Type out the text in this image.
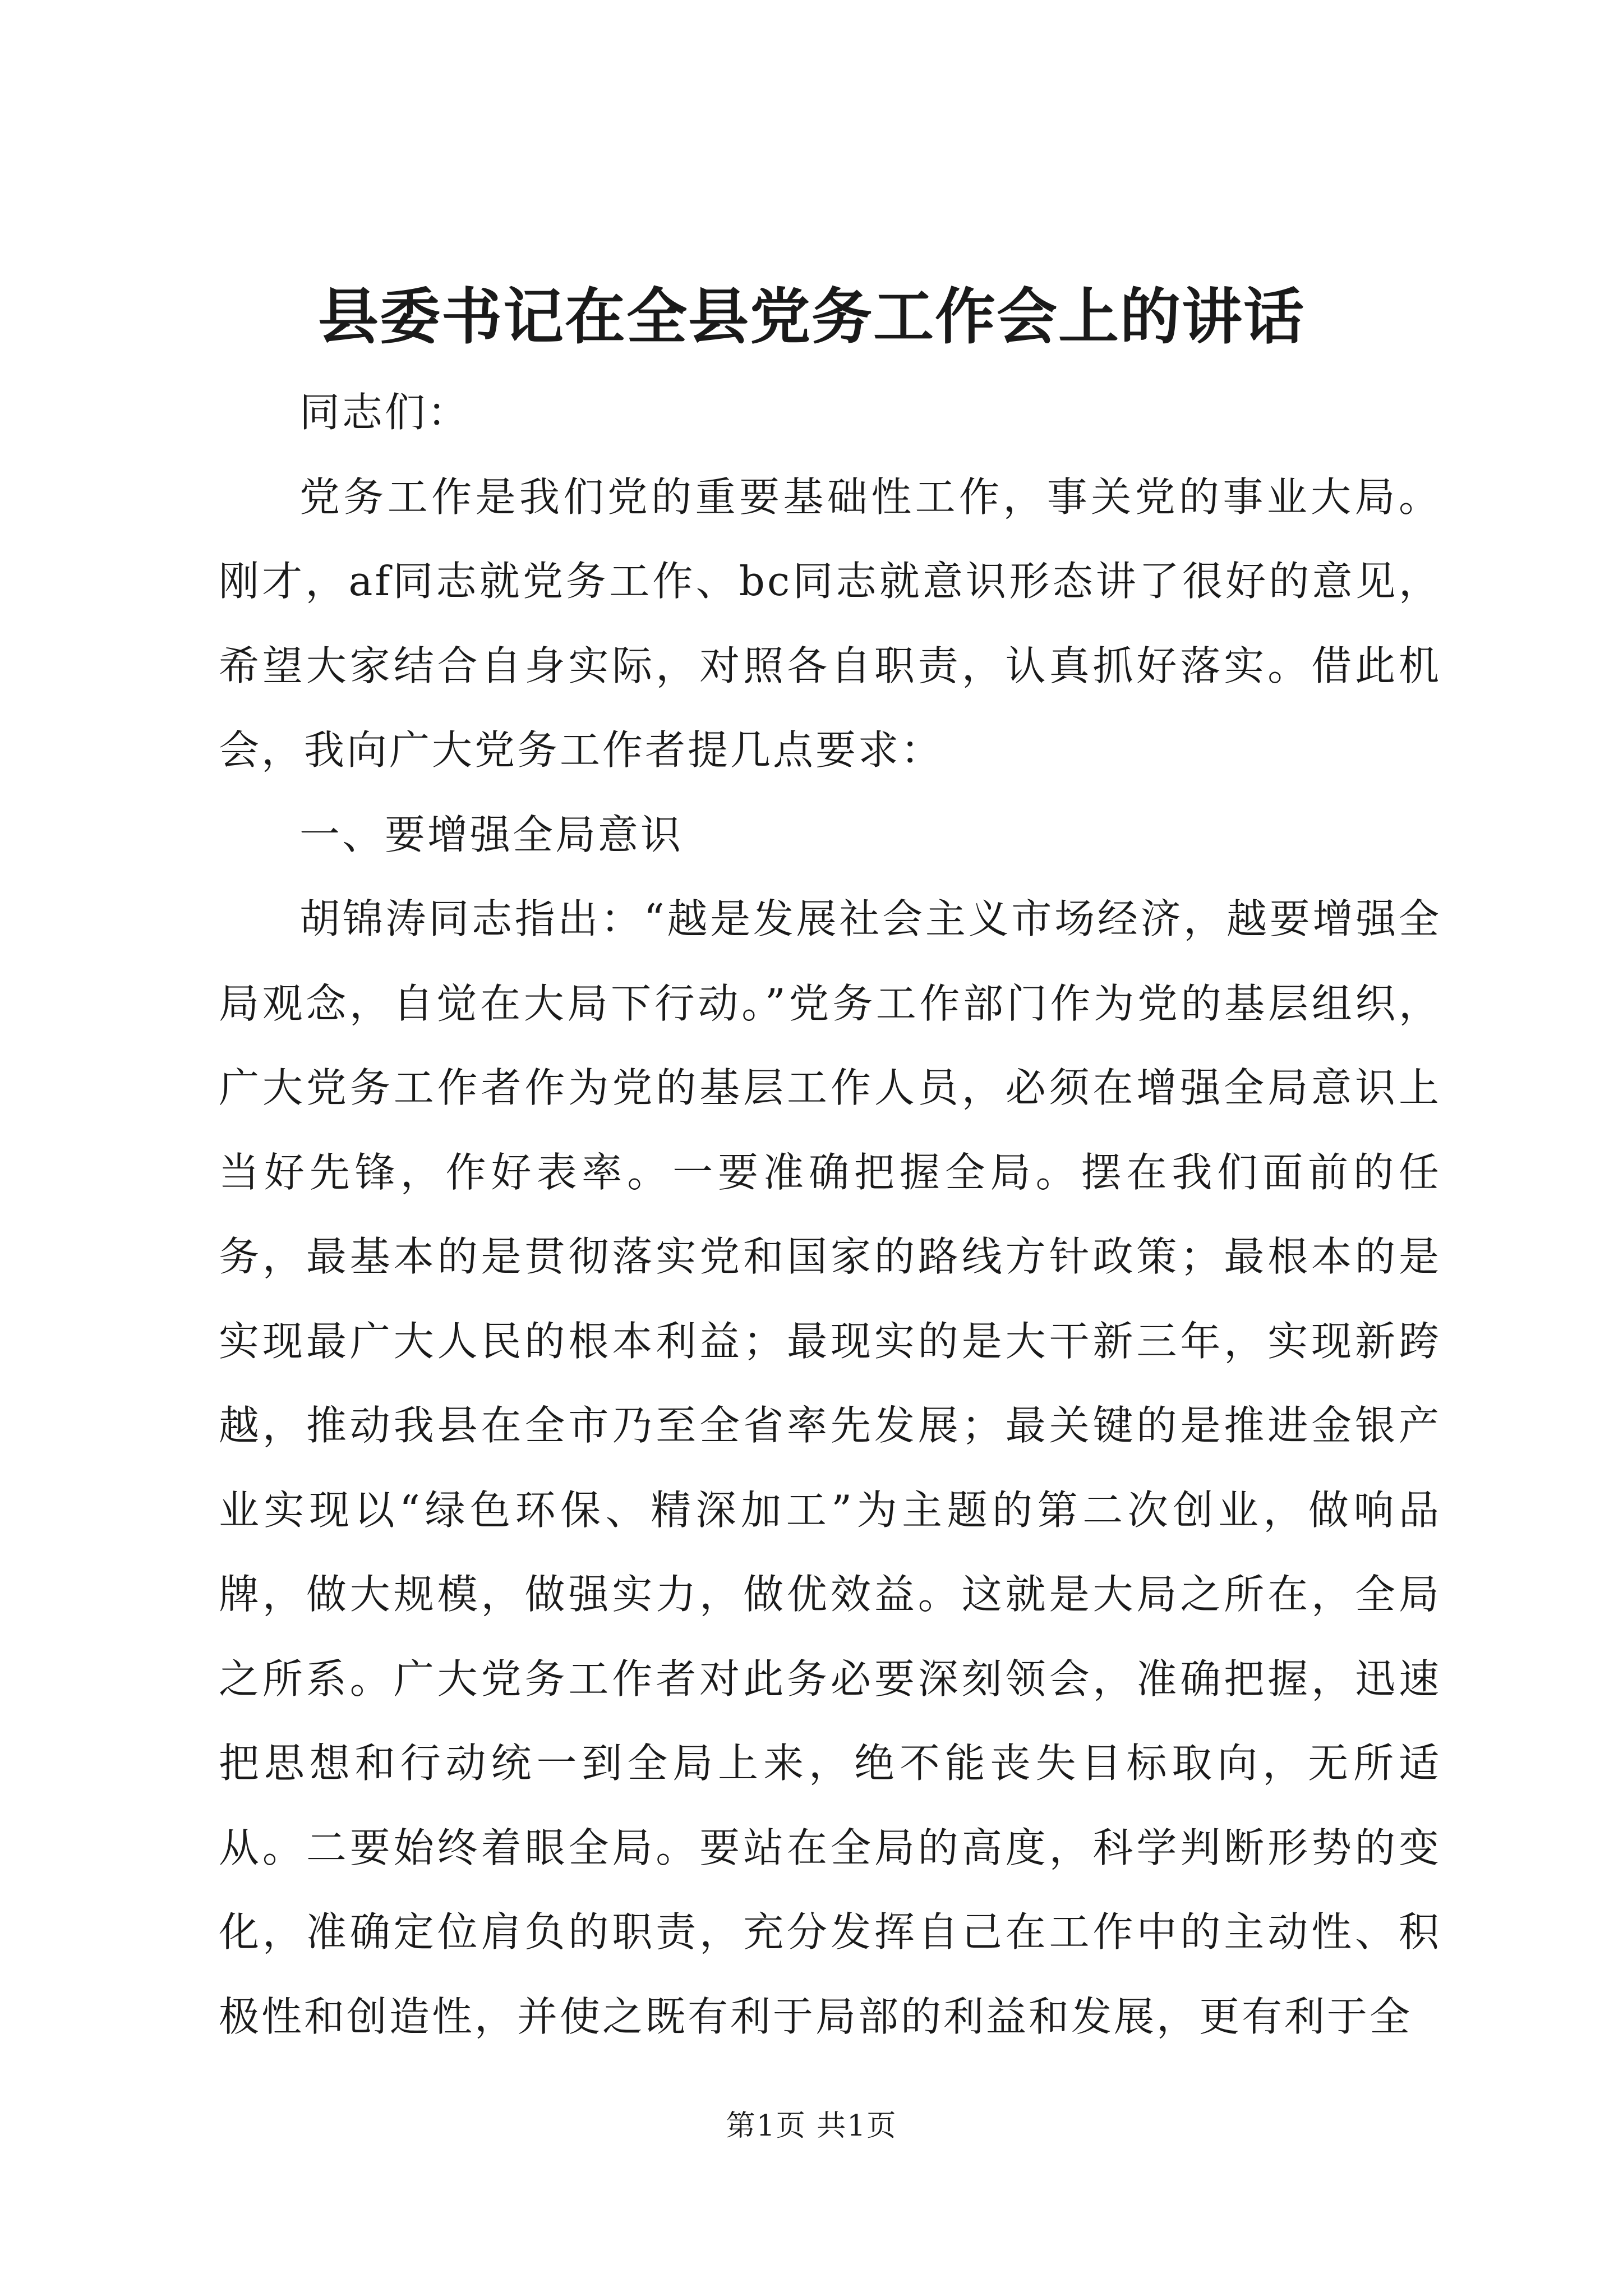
县委书记在全县党务工作会上的讲话

同志们：

党务工作是我们党的重要基础性工作，事关党的事业大局。刚才，af同志就党务工作、bc同志就意识形态讲了很好的意见，希望大家结合自身实际，对照各自职责，认真抓好落实。借此机会，我向广大党务工作者提几点要求：

一、要增强全局意识

胡锦涛同志指出：“越是发展社会主义市场经济，越要增强全局观念，自觉在大局下行动。”党务工作部门作为党的基层组织，广大党务工作者作为党的基层工作人员，必须在增强全局意识上当好先锋，作好表率。一要准确把握全局。摆在我们面前的任务，最基本的是贯彻落实党和国家的路线方针政策；最根本的是实现最广大人民的根本利益；最现实的是大干新三年，实现新跨越，推动我县在全市乃至全省率先发展；最关键的是推进金银产业实现以“绿色环保、精深加工”为主题的第二次创业，做响品牌，做大规模，做强实力，做优效益。这就是大局之所在，全局之所系。广大党务工作者对此务必要深刻领会，准确把握，迅速把思想和行动统一到全局上来，绝不能丧失目标取向，无所适从。二要始终着眼全局。要站在全局的高度，科学判断形势的变化，准确定位肩负的职责，充分发挥自己在工作中的主动性、积极性和创造性，并使之既有利于局部的利益和发展，更有利于全

第1页 共1页
